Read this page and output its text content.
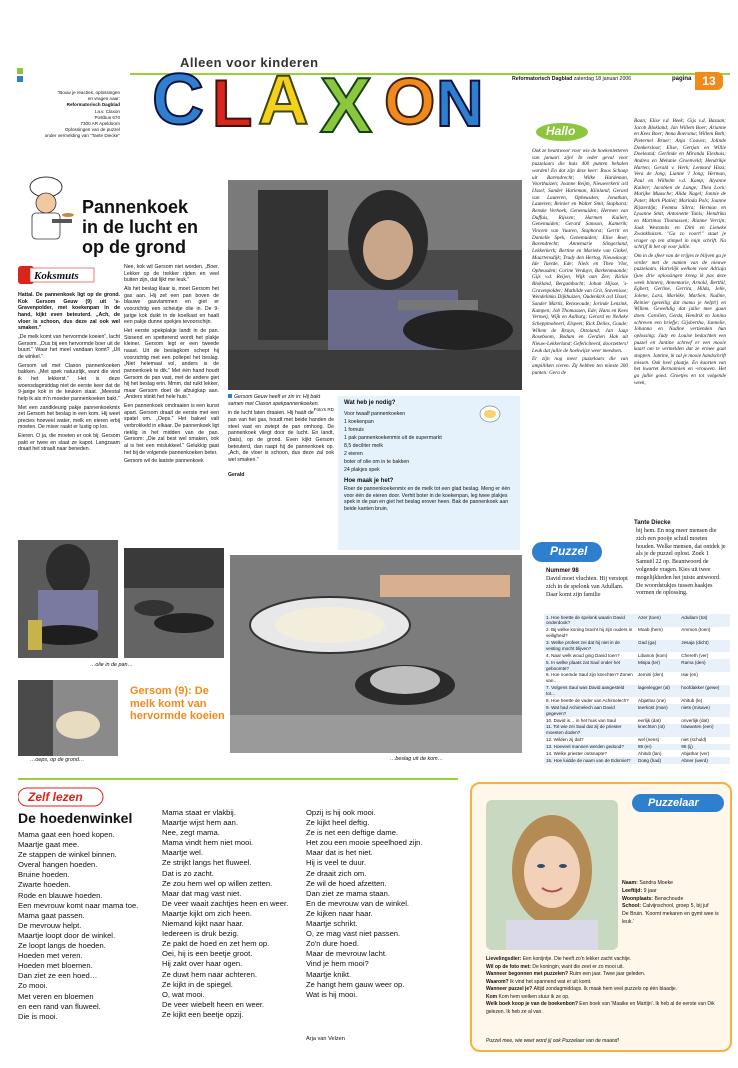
"Bouw je reacties, oplossingen
en vragen naar:
Reformatorisch Dagblad
t.a.v. Claxon
Postbus 670
7300 AR Apeldoorn
Oplossingen van de puzzel
onder vermelding van "Tante Diecke"
Alleen voor kinderen
Reformatorisch Dagblad zaterdag 18 januari 2006	pagina 13
C L A X O N
Pannenkoek
in de lucht en
op de grond
Koksmuts

Hattal. De pannenkoek ligt op de grond. Kok Gersom Geuw (9) uit 's-Gravenpolder, met koekenpan in de hand, kijkt even beteuterd. „Ach, de vloer is schoon, dus deze zal ook wel smaken.”

„De melk komt van hervormde koeien”, lacht Gersom. „Dus bij een hervormde boer uit de buurt.” Waar het meel vandaan komt? „Uit de winkel.”

Gersom wil met Claxon pannenkoeken bakken. „Met spek natuurlijk, want die vind ik het lekkerst.” Het is deze woensdagmiddag niet de eerste keer dat de 9-jarige kok in de keuken staat. „Meestal help ik als m'n moeder pannenkoeken bakt.”

Met een zandkleurig pakje pannenkoekmix zet Gersom het beslag in een kom. Hij weet precies hoeveel water, melk en eieren erbij moeten. De mixer raakt er lustig op los.

Eieren. O ja, die moeten er ook bij. Gersom pakt er twee en slaat ze kapot. Langzaam draait het straalt naar beneden.

Nee, kok wil Gersom niet worden. „Boer. Lekker op de trekker rijden en veel buiten zijn, dat lijkt me leuk.”

Als het beslag klaar is, moet Gersom het gas aan. Hij zet een pan boven de blauwe gasvlammen en giet er voorzichtig een scheutje olie in. De 9-jarige kok duikt in de koelkast en haalt een pakje dunne spekjes tevoorschijn.

Het eerste spekplakje landt in de pan. Sissend en spetterend wordt het plakje kleiner. Gersom legt er een tweede naast. Uit de beslagkom schept hij voorzichtig met een pollepel het beslag. „Niet helemaal vol, anders is de pannenkoek te dik.” Met één hand houdt Gersom de pan vast, met de andere giet hij het beslag erin. Mmm, dat ruikt lekker, maar Gersom doet de afzuigkap aan. „Anders stinkt het hele huis.”

Een pannenkoek omdraaien is een kunst apart. Gersom draait de eerste met een spatel om. „Oeps.” Het bakvel valt verbrokkeld in elkaar. De pannenkoek ligt rieklig in het midden van de pan. Gersom: „Die zal best wel smaken, ook al is het een mislukkeel.” Gelukkig gaat het bij de volgende pannenkoeken beter.

Gersom wil de laatste pannenkoek

Gersom Geuw heeft er zin in: Hij bakt samen met Claxon spekpannenkoeken.
Foto's RD

in de lucht laten draaien. Hij haalt de pan van het gas, houdt met beide handen de steel vast en zwiept de pan omhoog. De pannenkoek vliegt door de lucht. En landt, (bats), op de grond. Even kijkt Gersom beteuterd, dan raapt hij de pannenkoek op. „Ach, de vloer is schoon, dus deze zal ook wel smaken.”

Gerald

Wat heb je nodig?
Voor twaalf pannenkoeken
1 koekenpan
1 fornuis
1 pak pannenkoekenmix uit de supermarkt
8,5 deciliter melk
2 eieren
boter of olie om in te bakken
24 plakjes spek
Hoe maak je het?
Roer de pannenkoekenmix en de melk tot een glad beslag. Meng er één voor één de eieren door. Verhit boter in de koekenpan, leg twee plakjes spek in de pan en giet het beslag erover heen. Bak de pannenkoek aan beide kanten bruin.
…olie in de pan…
…oeps, op de grond…
Gersom (9): De melk komt van hervormde koeien
…beslag uit de kom…
Hallo

Ook ze beantwoor voor wie de hoekenletteren van januari zijn! In ieder geval voor puzzelaars die huis 400 punten behalen worden! En dat zijn deze keer: Roos Schaap uit Barendrecht; Wilke Hardeman, Voorthuizen; Joanne Reijm, Nieuwerkerk a/d IJssel; Sander Harleman, Klinland; Gerard van Lauteren, Opheusden; Jonathan, Lauteren; Reinier en Walter Smit, Stapharst; Renske Verhoek, Genemuiden; Hermen van Duffuis, Rijssen; Harmen Kuilert, Genemuiden; Gerard Samson, Kamerik; Vincent van Vuuren, Staphorst; Gerrit en Danielle Spek, Genemuiden; Elise Boer, Barendrecht; Annemarie Slingerland, Lekkerkerk; Bertine en Marieke van Ginkel, Maartensdijk; Trudy den Hertog, Nieuwkoop; Ide Tuerde, Ede; Niels en Theo Vlot, Opheusden; Corine Verduyn, Barkenmaande; Gijs v.d. Reijen, Wijk aan Zee; Rickie Blokland, Bergambacht; Johan Hijsse, 's-Gravenpolder; Mathilde van Grit, Stavenisse; Wendelinka Dijkhuizen, Oudenkirk a/d IJssel; Sander Martis, Renswoude; Jorinde Lenzink, Kampen; Job Thomassen, Ede; Hans en Kees Vermeij, Wijk en Aalburg; Gerard en Nelleke Scheppmoboerl, Elspeet; Rick Deiles, Goude; Willem de Bruyn, Ottoland; Jan Jaap Roseboom, Bodum en Gerdien Hak uit Nieuw-Lekkerland; Gefeliciteerd, doorzetters! Leuk dat jullie de hoekwijze weer meedoen.

Er zijn nog meer puzzelaars die van ampilliken vieren. Zij hebben ten minste 200 punten: Gera de

Baan; Elise v.d. Beek; Gijs v.d. Bazaan; Jacob Blokland; Jan Willem Boer; Arianne en Kees Boer; Anna Boersma; Willem Both; Pieternel Bruer; Anja Couvez; Jolinde Donkersloot; Elise, Gertjan en Willie Doeleand; Gerlinde en Miranda Eleshuis; Andrea en Melanie Groenveld; Hendrikje Harten; Gerald v. Herk; Lennard Hissi; Vera de Jong; Lianne 'l Jong; Herman, Paul en Wilhelm v.d. Kamp; Alyanne Kuilert; Jacobien de Lange; Thea Lock; Marijke Muusche; Alida Nagel; Jannie de Pater; Mark Platiel; Marinda Pols; Joanne Rijsterdijk; Femma Siltra; Herman en Lysanne Smit; Antoinette Tanis; Hendrika en Martinus Thomassen; Rianne Verrijn; Jaak Westsmits en Dirk en Lieneke Zwankhuizen. "Ga zo voort!" staat je vrager op ten stimpel in mijn schrift. Na schrijf ik het op voor jullie.

Om in de sfeer van de vrijjes te blijven ga je verder met de namen van de nieuwe puzzelaars. Hartelijk welkom voor Adriaja (juw drie oplossingen kreeg ik pas deze week binnen), Annemarie, Arnold, Berthil, Egbert, Gerline, Gerrita, Hilda, Jelle, Jolene, Lara, Mariëke, Marlien, Nadine, Reinier (gezellig dat mama je helpt!) en Willem. Gewelldig dat jullie mee gaan doen. Carolien, Gerda, Hendrik en Janina schreven een briefje; Gijsbertha, Jannelie, Johanna en Nadine vertienden hun oplossing; Judy en Louise bedachten een puzzel en Jantine schreef er een mooie kaart om te vermelden dat ze ermee gaat stoppen. Jantine, ik zal je mooie handschrift missen. Ook heel plaatje. En kaarten van het kwartet Bernannien en -vrouwen. Het ga jullie goed. Groetjes en tot volgende week,

Tante Diecke
Puzzel
Nummer 98
David moet vluchten. Hij verstopt zich in de spelonk van Adullam. Daar komt zijn familie
bij hem. En nog meer mensen die zich een pooije schuil moeten houden. Welke mensen, dat ontdek je als je de puzzel oplost. Zoek 1 Samuël 22 op. Beantwoord de volgende vragen. Kies uit twee mogelijkheden het juiste antwoord. De woordstukjes tussen haakjes vormen de oplossing.
1. Hoe heette de spelonk waarin David onderdook?	Azer (toen)	Adullam (tot)
2. Bij welke koning bracht hij zijn ouders in veiligheid?	Moab (hem)	Ammon (toen)
3. Welke profeet zei dat hij niet in de vesting mocht blijven?	Gad (ga)	Jesaja (dicht)
4. Naar welk woud ging David toen?	Libanon (kom)	Chereth (ver)
5. In welke plaats zat Saul onder het geboomte?	Mispa (ter)	Rama (den)
6. Hoe noemde Saul zijn knechten? Zonen van…	Jemini (den)	Isai (en)
7. Volgens Saul was David aangesteld tot…	lagenlegger (al)	hoofdakker (gewe)
8. Hoe heette de vader van Achimelech?	Abjathar (me)	Ahitub (le)
9. Wat had Achimelech aan David gegeven?	teerkost (man)	niets (misave)
10. David is… in het huis van Saul	eerlijk (dat)	onverlijk (dat)
11. Tot wie zei Saul dat zij de priester moesten doden?	knechten (ot)	trawanten (een)
12. Wilden zij dat?	wel (nens)	niet (schuld)
13. Hoeveel mannen werden gedood?	85 (er)	95 (ij)
14. Welke priester ontsnapte?	Ahitub (lan)	Abjathar (ver)
15. Hoe luidde de naam van de Edomiet?	Doëg (had)	Abner (werd)
Zelf lezen
De hoedenwinkel

Mama gaat een hoed kopen.

Maartje gaat mee.

Ze stappen de winkel binnen.

Overal hangen hoeden.

Bruine hoeden.

Zwarte hoeden.

Rode en blauwe hoeden.

Een mevrouw komt naar mama toe.

Mama gaat passen.

De mevrouw helpt.

Maartje loopt door de winkel.

Ze loopt langs de hoeden.

Hoeden met veren.

Hoeden met bloemen.

Dan ziet ze een hoed…

Zo mooi.

Met veren en bloemen

en een rand van fluweel.

Die is mooi.

Mama staat er vlakbij.

Maartje wijst hem aan.

Nee, zegt mama.

Mama vindt hem niet mooi.

Maartje wel.

Ze strijkt langs het fluweel.

Dat is zo zacht.

Ze zou hem wel op willen zetten.

Maar dat mag vast niet.

De veer waait zachtjes heen en weer.

Maartje kijkt om zich heen.

Niemand kijkt naar haar.

Iedereen is druk bezig.

Ze pakt de hoed en zet hem op.

Oei, hij is een beetje groot.

Hij zakt over haar ogen.

Ze duwt hem naar achteren.

Ze kijkt in de spiegel.

O, wat mooi.

De veer wiebelt heen en weer.

Ze kijkt een beetje opzij.

Opzij is hij ook mooi.

Ze kijkt heel deftig.

Ze is net een deftige dame.

Het zou een mooie speelhoed zijn.

Maar dat is het niet.

Hij is veel te duur.

Ze draait zich om.

Ze wil de hoed afzetten.

Dan ziet ze mama staan.

En de mevrouw van de winkel.

Ze kijken naar haar.

Maartje schrikt.

O, ze mag vast niet passen.

Zo'n dure hoed.

Maar de mevrouw lacht.

Vind je hem mooi?

Maartje knikt.

Ze hangt hem gauw weer op.

Wat is hij mooi.

Arja van Velzen
Puzzelaar
Naam: Sandra Moeke
Leeftijd: 9 jaar
Woonplaats: Benschoude
School: Calvijnschool, groep 5, bij juf
De Bruin. 'Koomt mekaren en gymt wee is leuk.'
Lievelingsdier: Een konijntje. Die heeft zo'n lekker zacht vachtje.
Wil op de foto met: De koningin, want die zeet er zo mooi uit.
Wanneer begonnen met puzzelen? Ruim een jaar. Twee jaar geleden.
Waarom? Ik vind het spannend wat er uit komt.
Wanneer puzzel je? Altijd zondagmiddags. Ik maak hem veel puzzels op één blaadje.
Kom Kom hem welken stuur ik ze op.
Welk boek koop je van de boekenbon? Een boek van 'Maaike en Martijn'. Ik heb al de eerste van Dik gelezen. Ik heb ze al van.
Puzzel mee, wie weet word jij ook Puzzelaar van de maand!
